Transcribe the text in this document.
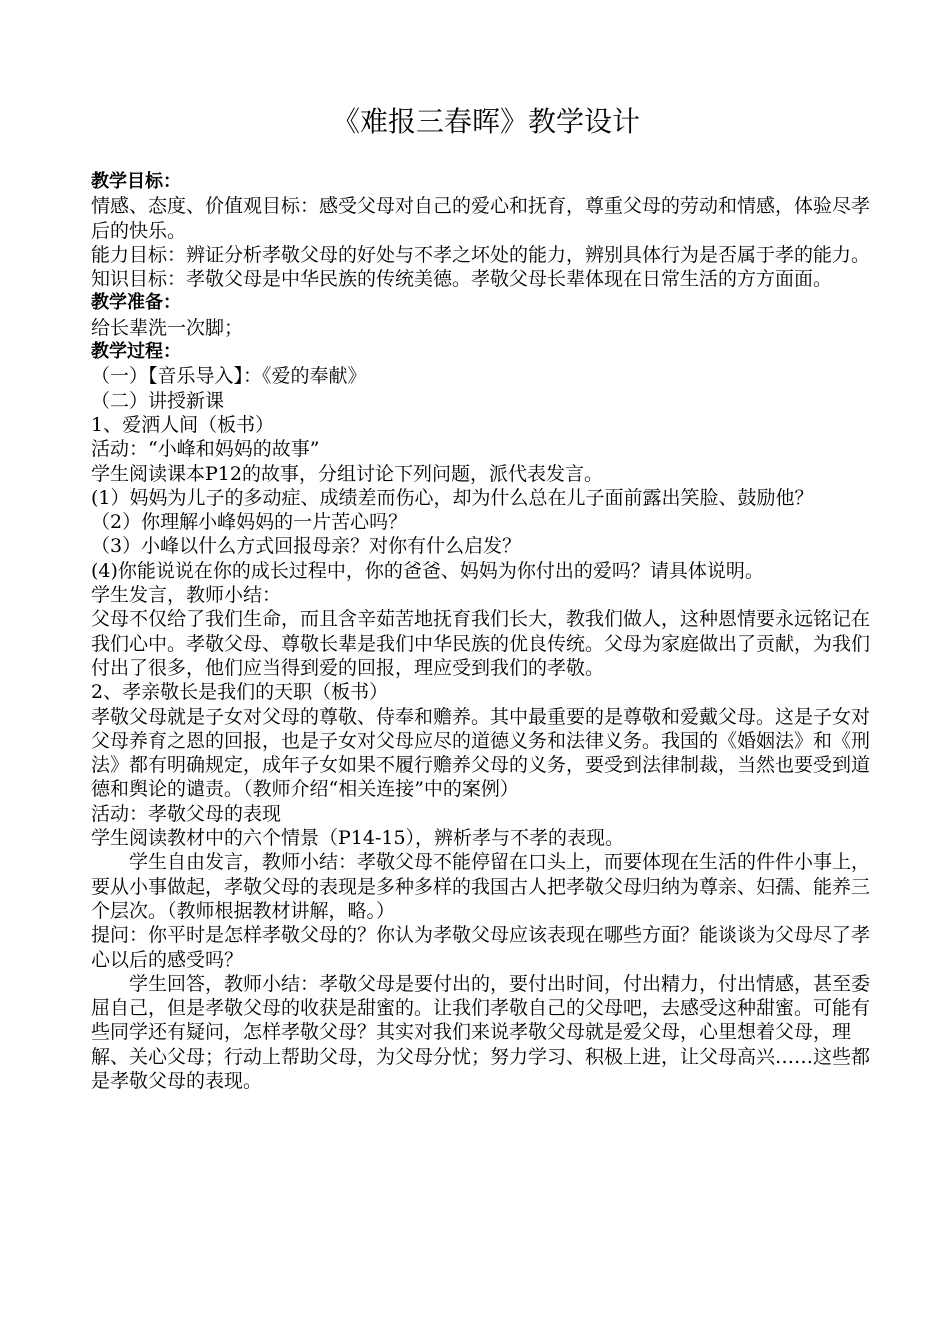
《难报三春晖》教学设计

教学目标：

情感、态度、价值观目标：感受父母对自己的爱心和抚育，尊重父母的劳动和情感，体验尽孝后的快乐。

能力目标：辨证分析孝敬父母的好处与不孝之坏处的能力，辨别具体行为是否属于孝的能力。

知识目标：孝敬父母是中华民族的传统美德。孝敬父母长辈体现在日常生活的方方面面。

教学准备：

给长辈洗一次脚；

教学过程：

（一）【音乐导入】：《爱的奉献》

（二）讲授新课

1、爱洒人间（板书）

活动：“小峰和妈妈的故事”

学生阅读课本P12的故事，分组讨论下列问题，派代表发言。

(1）妈妈为儿子的多动症、成绩差而伤心，却为什么总在儿子面前露出笑脸、鼓励他？

（2）你理解小峰妈妈的一片苦心吗？

（3）小峰以什么方式回报母亲？对你有什么启发？

(4)你能说说在你的成长过程中，你的爸爸、妈妈为你付出的爱吗？请具体说明。

学生发言，教师小结：

父母不仅给了我们生命，而且含辛茹苦地抚育我们长大，教我们做人，这种恩情要永远铭记在我们心中。孝敬父母、尊敬长辈是我们中华民族的优良传统。父母为家庭做出了贡献，为我们付出了很多，他们应当得到爱的回报，理应受到我们的孝敬。

2、孝亲敬长是我们的天职（板书）

孝敬父母就是子女对父母的尊敬、侍奉和赡养。其中最重要的是尊敬和爱戴父母。这是子女对父母养育之恩的回报，也是子女对父母应尽的道德义务和法律义务。我国的《婚姻法》和《刑法》都有明确规定，成年子女如果不履行赡养父母的义务，要受到法律制裁，当然也要受到道德和舆论的谴责。（教师介绍“相关连接”中的案例）

活动：孝敬父母的表现

学生阅读教材中的六个情景（P14-15），辨析孝与不孝的表现。

学生自由发言，教师小结：孝敬父母不能停留在口头上，而要体现在生活的件件小事上，要从小事做起，孝敬父母的表现是多种多样的我国古人把孝敬父母归纳为尊亲、妇孺、能养三个层次。（教师根据教材讲解，略。）

提问：你平时是怎样孝敬父母的？你认为孝敬父母应该表现在哪些方面？能谈谈为父母尽了孝心以后的感受吗？

学生回答，教师小结：孝敬父母是要付出的，要付出时间，付出精力，付出情感，甚至委屈自己，但是孝敬父母的收获是甜蜜的。让我们孝敬自己的父母吧，去感受这种甜蜜。可能有些同学还有疑问，怎样孝敬父母？其实对我们来说孝敬父母就是爱父母，心里想着父母，理解、关心父母；行动上帮助父母，为父母分忧；努力学习、积极上进，让父母高兴……这些都是孝敬父母的表现。
